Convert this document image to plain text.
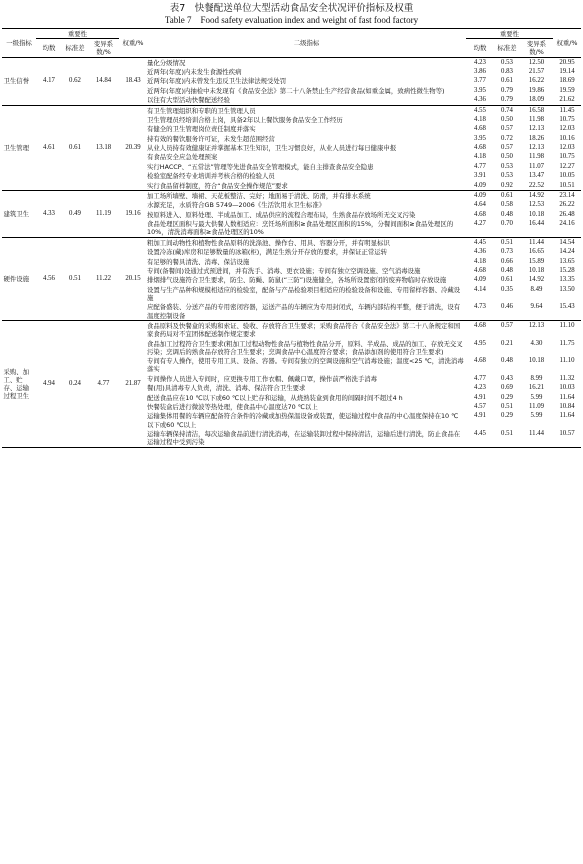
表7　快餐配送单位大型活动食品安全状况评价指标及权重
Table 7　Food safety evaluation index and weight of fast food factory
一级指标	重要性			权重/%	二级指标	重要性			权重/%
	均数	标准差	变异系数/%			均数	标准差	变异系数/%	
卫生信誉	4.17	0.62	14.84	18.43	量化分级情况	4.23	0.53	12.50	20.95
					近两年(年度)内未发生食源性疾病	3.86	0.83	21.57	19.14
					近两年(年度)内未曾发生违反卫生法律法规受处罚	3.77	0.61	16.22	18.69
					近两年(年度)内抽检中未发现有《食品安全法》第二十八条禁止生产经营食品(如重金属，致病性微生物等)	3.95	0.79	19.86	19.59
					以往有大型活动快餐配送经验	4.36	0.79	18.09	21.62
卫生管理	4.61	0.61	13.18	20.39	有卫生管理组织和专职的卫生管理人员	4.55	0.74	16.58	11.45
					卫生管理员经培训合格上岗，具备2年以上餐饮服务食品安全工作经历	4.18	0.50	11.98	10.75
					有健全的卫生管理岗位责任制度并落实	4.68	0.57	12.13	12.03
					持有效的餐饮服务许可证，未发生超范围经营	3.95	0.72	18.26	10.16
					从业人员持有效健康证并掌握基本卫生知识，卫生习惯良好，从业人员进行每日健康申报	4.68	0.57	12.13	12.03
					有食品安全应急处理预案	4.18	0.50	11.98	10.75
					实行HACCP、“五常法”管理等先进食品安全管理模式，能自主排查食品安全隐患	4.77	0.53	11.07	12.27
					检验室配备经专业培训并考核合格的检验人员	3.91	0.53	13.47	10.05
					实行食品留样制度，符合“食品安全操作规范”要求	4.09	0.92	22.52	10.51
建筑卫生	4.33	0.49	11.19	19.16	加工场所墙壁、墙裙、天花板整洁、完好；地面易于清洗、防滑，并有排水系统	4.09	0.61	14.92	23.14
					水源充足，水质符合GB 5749—2006《生活饮用水卫生标准》	4.64	0.58	12.53	26.22
					按原料进入、原料处理、半成品加工、成品供应的流程合理布局，生熟食品存放场所无交叉污染	4.68	0.48	10.18	26.48
					食品处理区面积与最大供餐人数相适应：烹饪场所面积≥食品处理区面积的15%，分餐间面积≥食品处理区的10%，清洗消毒面积≥食品处理区的10%	4.27	0.70	16.44	24.16
硬件设施	4.56	0.51	11.22	20.15	粗加工间动物性和植物性食品原料的洗涤池、操作台、用具、容器分开，并有明显标识	4.45	0.51	11.44	14.54
					设置冷冻(藏)库房和足够数量的冰箱(柜)，满足生熟分开存放的要求，并保证正常运转	4.36	0.73	16.65	14.24
					有足够的餐具清洗、消毒、保洁设施	4.18	0.66	15.89	13.65
					专间(备餐间)设通过式预进间，并有洗手、消毒、更衣设施；专间有独立空调设施、空气消毒设施	4.68	0.48	10.18	15.28
					排烟排气设施符合卫生要求，防尘、防蝇、防鼠(“三防”)设施健全，各场所设置密闭的废弃物临时存放设施	4.09	0.61	14.92	13.35
					设置与生产品种和规模相适应的检验室，配备与产品检验项目相适应的检验设备和设施、专用留样容器、冷藏设施	4.14	0.35	8.49	13.50
					应配备盛装、分送产品的专用密闭容器，运送产品的车辆应为专用封闭式，车辆内部结构平整，便于清洗，设有温度控制设备	4.73	0.46	9.64	15.43
采购、加工、贮存、运输过程卫生	4.94	0.24	4.77	21.87	食品原料及快餐盒的采购和索证、验收、存放符合卫生要求；采购食品符合《食品安全法》第二十八条规定和国家食药局对不宜团体配送制作规定要求	4.68	0.57	12.13	11.10
					食品加工过程符合卫生要求(粗加工过程动物性食品与植物性食品分开，原料、半成品、成品的加工、存放无交叉污染；烹调后的熟食品存放符合卫生要求；烹调食品中心温度符合要求；食品添加剂的使用符合卫生要求)	4.95	0.21	4.30	11.75
					专间有专人操作，使用专用工具、设备、容器。专间有独立的空调设施和空气消毒设施；温度<25 ℃，清洗消毒落实	4.68	0.48	10.18	11.10
					专间操作人员进入专间时，应更换专用工作衣帽、佩戴口罩，操作前严格洗手消毒	4.77	0.43	8.99	11.32
					餐(用)具清毒专人负责，清洗、消毒、保洁符合卫生要求	4.23	0.69	16.21	10.03
					配送食品应在10 ℃以下或60 ℃以上贮存和运输，从烧熟装盒到食用的间隔时间不超过4 h	4.91	0.29	5.99	11.64
					快餐装盒后进行微波等热处理，使食品中心温度达70 ℃以上	4.57	0.51	11.09	10.84
					运输集体用餐的车辆应配备符合条件的冷藏或加热保温设备或装置，使运输过程中食品的中心温度保持在10 ℃以下或60 ℃以上	4.91	0.29	5.99	11.64
					运输车辆保持清洁，每次运输食品前进行清洗消毒，在运输装卸过程中保持清洁，运输后进行清洗，防止食品在运输过程中受到污染	4.45	0.51	11.44	10.57
